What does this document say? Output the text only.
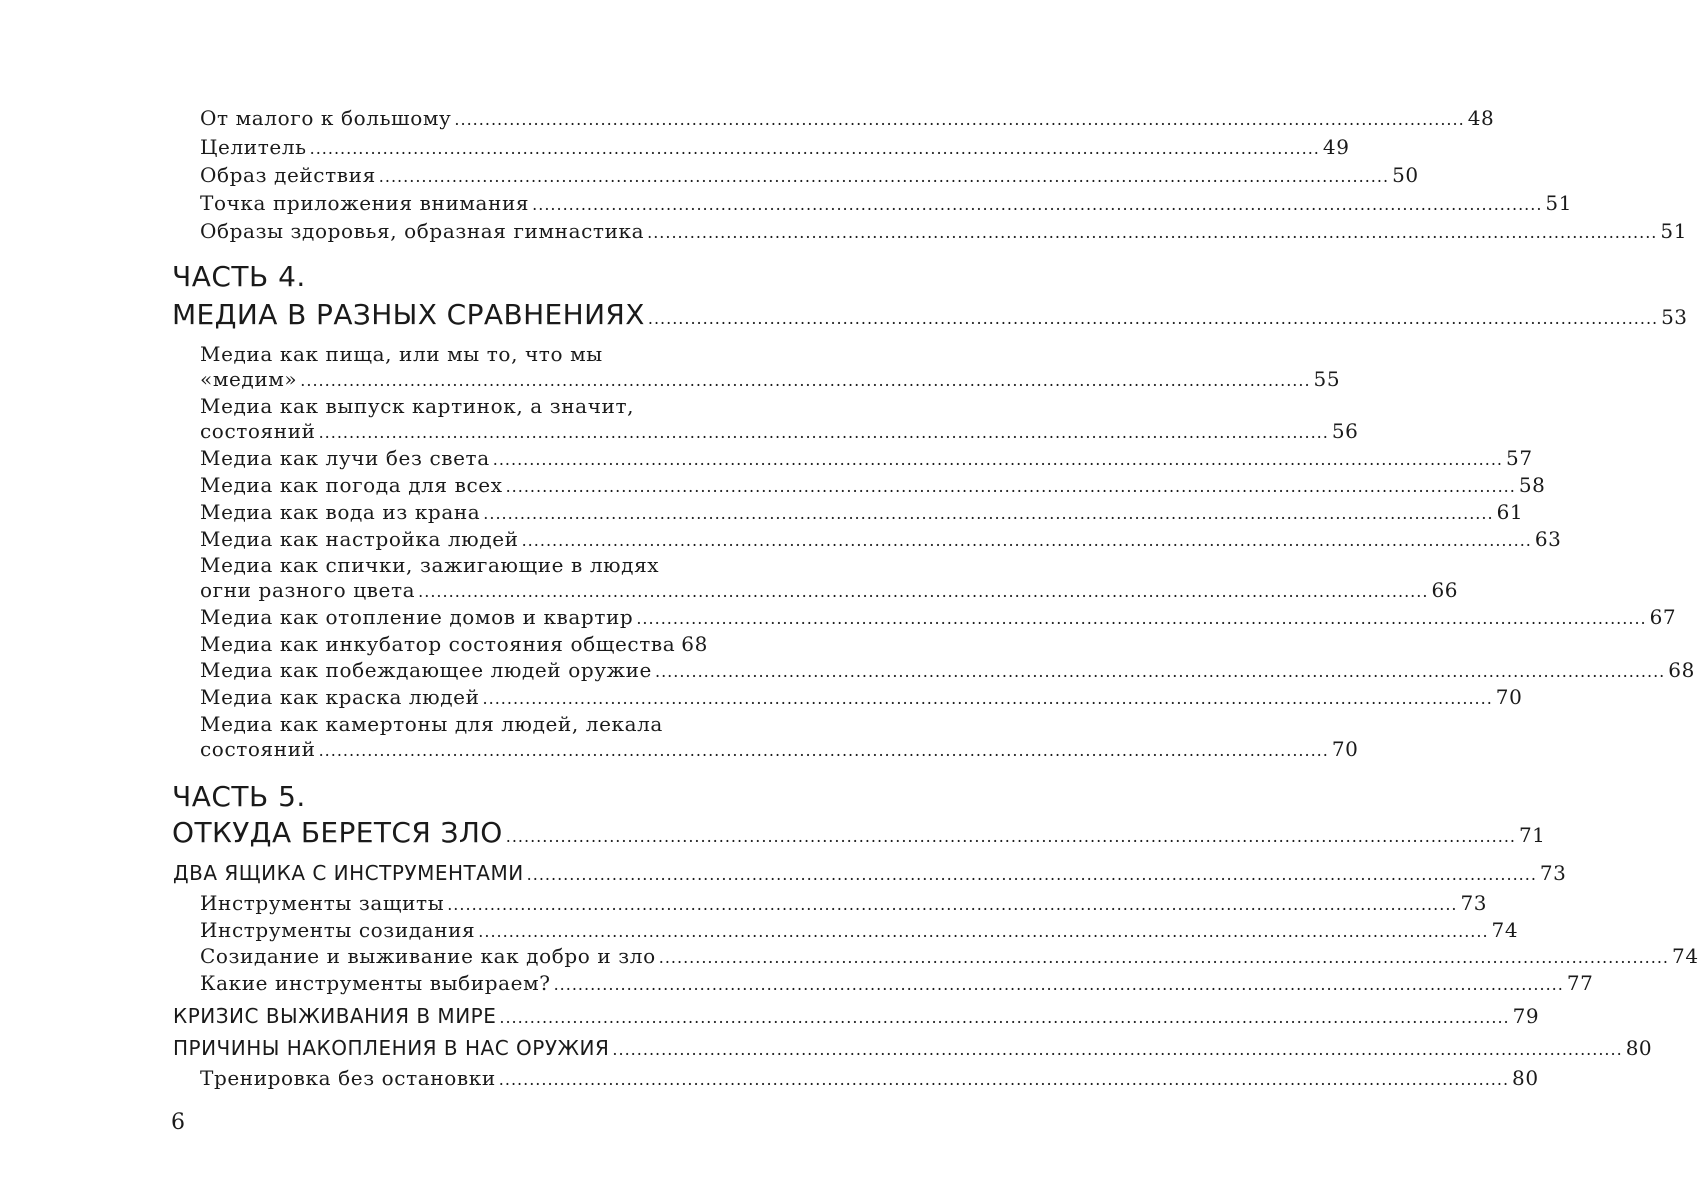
От малого к большому .....	48
Целитель .....	49
Образ действия .....	50
Точка приложения внимания .....	51
Образы здоровья, образная гимнастика .....	51
ЧАСТЬ 4.
МЕДИА В РАЗНЫХ СРАВНЕНИЯХ .....	53
Медиа как пища, или мы то, что мы
«медим» .....	55
Медиа как выпуск картинок, а значит,
состояний .....	56
Медиа как лучи без света .....	57
Медиа как погода для всех .....	58
Медиа как вода из крана .....	61
Медиа как настройка людей .....	63
Медиа как спички, зажигающие в людях
огни разного цвета .....	66
Медиа как отопление домов и квартир .....	67
Медиа как инкубатор состояния общества 68
Медиа как побеждающее людей оружие .....	68
Медиа как краска людей .....	70
Медиа как камертоны для людей, лекала
состояний .....	70
ЧАСТЬ 5.
ОТКУДА БЕРЕТСЯ ЗЛО .....	71
ДВА ЯЩИКА С ИНСТРУМЕНТАМИ .....	73
Инструменты защиты .....	73
Инструменты созидания .....	74
Созидание и выживание как добро и зло .....	74
Какие инструменты выбираем? .....	77
КРИЗИС ВЫЖИВАНИЯ В МИРЕ .....	79
ПРИЧИНЫ НАКОПЛЕНИЯ В НАС ОРУЖИЯ .....	80
Тренировка без остановки .....	80
6
